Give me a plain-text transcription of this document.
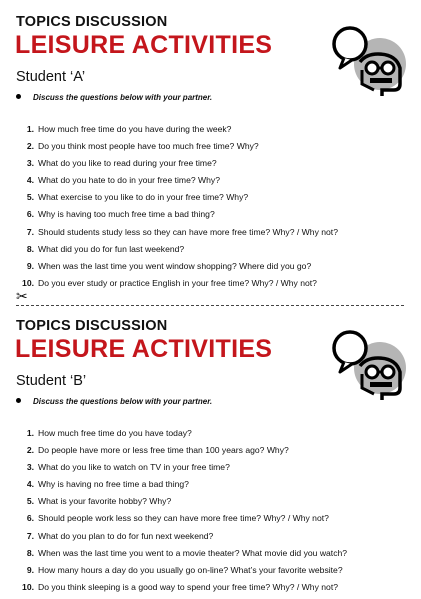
TOPICS DISCUSSION
LEISURE ACTIVITIES
Student ‘A’
Discuss the questions below with your partner.
1. How much free time do you have during the week?
2. Do you think most people have too much free time? Why?
3. What do you like to read during your free time?
4. What do you hate to do in your free time? Why?
5. What exercise to you like to do in your free time? Why?
6. Why is having too much free time a bad thing?
7. Should students study less so they can have more free time? Why? / Why not?
8. What did you do for fun last weekend?
9. When was the last time you went window shopping? Where did you go?
10. Do you ever study or practice English in your free time? Why? / Why not?
✂
TOPICS DISCUSSION
LEISURE ACTIVITIES
Student ‘B’
Discuss the questions below with your partner.
1. How much free time do you have today?
2. Do people have more or less free time than 100 years ago? Why?
3. What do you like to watch on TV in your free time?
4. Why is having no free time a bad thing?
5. What is your favorite hobby? Why?
6. Should people work less so they can have more free time? Why? / Why not?
7. What do you plan to do for fun next weekend?
8. When was the last time you went to a movie theater? What movie did you watch?
9. How many hours a day do you usually go on-line? What’s your favorite website?
10. Do you think sleeping is a good way to spend your free time? Why? / Why not?
